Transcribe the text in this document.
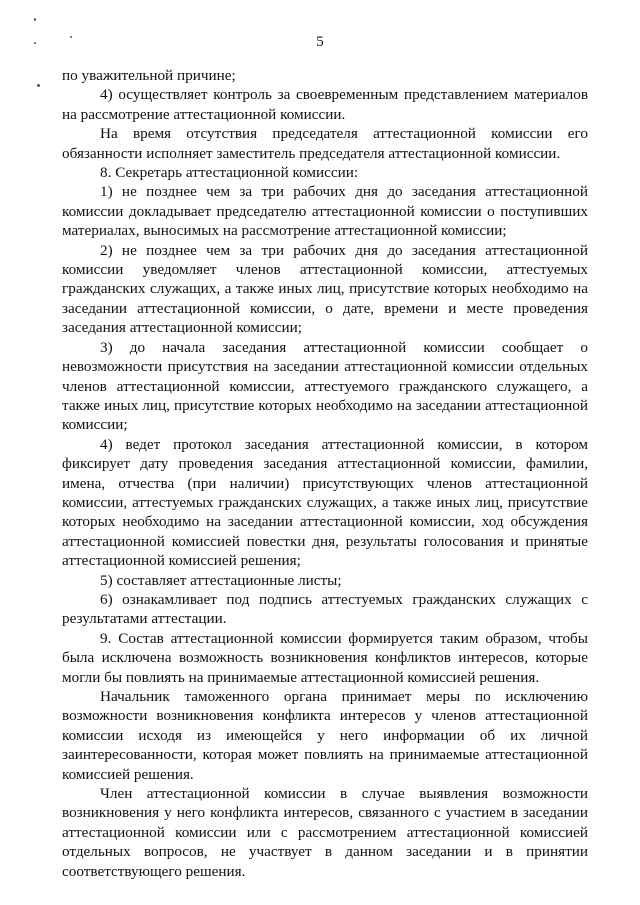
5

по уважительной причине;

4) осуществляет контроль за своевременным представлением материалов на рассмотрение аттестационной комиссии.

На время отсутствия председателя аттестационной комиссии его обязанности исполняет заместитель председателя аттестационной комиссии.

8. Секретарь аттестационной комиссии:

1) не позднее чем за три рабочих дня до заседания аттестационной комиссии докладывает председателю аттестационной комиссии о поступивших материалах, выносимых на рассмотрение аттестационной комиссии;

2) не позднее чем за три рабочих дня до заседания аттестационной комиссии уведомляет членов аттестационной комиссии, аттестуемых гражданских служащих, а также иных лиц, присутствие которых необходимо на заседании аттестационной комиссии, о дате, времени и месте проведения заседания аттестационной комиссии;

3) до начала заседания аттестационной комиссии сообщает о невозможности присутствия на заседании аттестационной комиссии отдельных членов аттестационной комиссии, аттестуемого гражданского служащего, а также иных лиц, присутствие которых необходимо на заседании аттестационной комиссии;

4) ведет протокол заседания аттестационной комиссии, в котором фиксирует дату проведения заседания аттестационной комиссии, фамилии, имена, отчества (при наличии) присутствующих членов аттестационной комиссии, аттестуемых гражданских служащих, а также иных лиц, присутствие которых необходимо на заседании аттестационной комиссии, ход обсуждения аттестационной комиссией повестки дня, результаты голосования и принятые аттестационной комиссией решения;

5) составляет аттестационные листы;

6) ознакамливает под подпись аттестуемых гражданских служащих с результатами аттестации.

9. Состав аттестационной комиссии формируется таким образом, чтобы была исключена возможность возникновения конфликтов интересов, которые могли бы повлиять на принимаемые аттестационной комиссией решения.

Начальник таможенного органа принимает меры по исключению возможности возникновения конфликта интересов у членов аттестационной комиссии исходя из имеющейся у него информации об их личной заинтересованности, которая может повлиять на принимаемые аттестационной комиссией решения.

Член аттестационной комиссии в случае выявления возможности возникновения у него конфликта интересов, связанного с участием в заседании аттестационной комиссии или с рассмотрением аттестационной комиссией отдельных вопросов, не участвует в данном заседании и в принятии соответствующего решения.
